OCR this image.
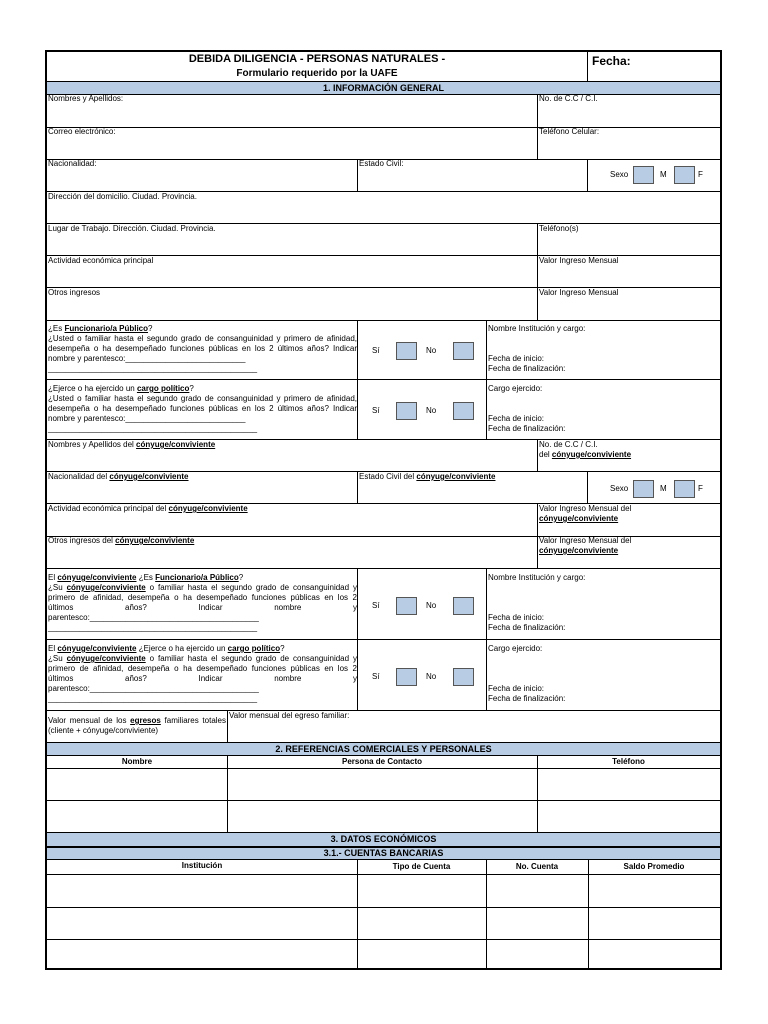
DEBIDA DILIGENCIA - PERSONAS NATURALES -
Formulario requerido por la UAFE
Fecha:
1. INFORMACIÓN GENERAL
Nombres y Apellidos:	No. de C.C / C.I.
Correo electrónico:	Teléfono Celular:
Nacionalidad:	Estado Civil:
Sexo	M	F
Dirección del domicilio. Ciudad. Provincia.
Lugar de Trabajo. Dirección. Ciudad. Provincia.	Teléfono(s)
Actividad económica principal	Valor Ingreso Mensual
Otros ingresos	Valor Ingreso Mensual
¿Es Funcionario/a Público?
¿Usted o familiar hasta el segundo grado de consanguinidad y primero de afinidad, desempeña o ha desempeñado funciones públicas en los 2 últimos años? Indicar nombre y parentesco:___________________________
_______________________________________________
Sí	No
Nombre Institución y cargo:
Fecha de inicio:
Fecha de finalización:
¿Ejerce o ha ejercido un cargo político?
¿Usted o familiar hasta el segundo grado de consanguinidad y primero de afinidad, desempeña o ha desempeñado funciones públicas en los 2 últimos años? Indicar nombre y parentesco:___________________________
_______________________________________________
Sí	No
Cargo ejercido:
Fecha de inicio:
Fecha de finalización:
Nombres y Apellidos del cónyuge/conviviente	No. de C.C / C.I.
del cónyuge/conviviente
Nacionalidad del cónyuge/conviviente	Estado Civil del cónyuge/conviviente
Sexo	M	F
Actividad económica principal del cónyuge/conviviente	Valor Ingreso Mensual del
cónyuge/conviviente
Otros ingresos del cónyuge/conviviente	Valor Ingreso Mensual del
cónyuge/conviviente
El cónyuge/conviviente ¿Es Funcionario/a Público?
¿Su cónyuge/conviviente o familiar hasta el segundo grado de consanguinidad y primero de afinidad, desempeña o ha desempeñado funciones públicas en los 2 últimos años? Indicar nombre y parentesco:______________________________________
_______________________________________________
Sí	No
Nombre Institución y cargo:
Fecha de inicio:
Fecha de finalización:
El cónyuge/conviviente ¿Ejerce o ha ejercido un cargo político?
¿Su cónyuge/conviviente o familiar hasta el segundo grado de consanguinidad y primero de afinidad, desempeña o ha desempeñado funciones públicas en los 2 últimos años? Indicar nombre y parentesco:______________________________________
_______________________________________________
Sí	No
Cargo ejercido:
Fecha de inicio:
Fecha de finalización:
Valor mensual de los egresos familiares totales (cliente + cónyuge/conviviente)
Valor mensual del egreso familiar:
2. REFERENCIAS COMERCIALES Y PERSONALES
Nombre	Persona de Contacto	Teléfono
3. DATOS ECONÓMICOS
3.1.- CUENTAS BANCARIAS
Institución	Tipo de Cuenta	No. Cuenta	Saldo Promedio
